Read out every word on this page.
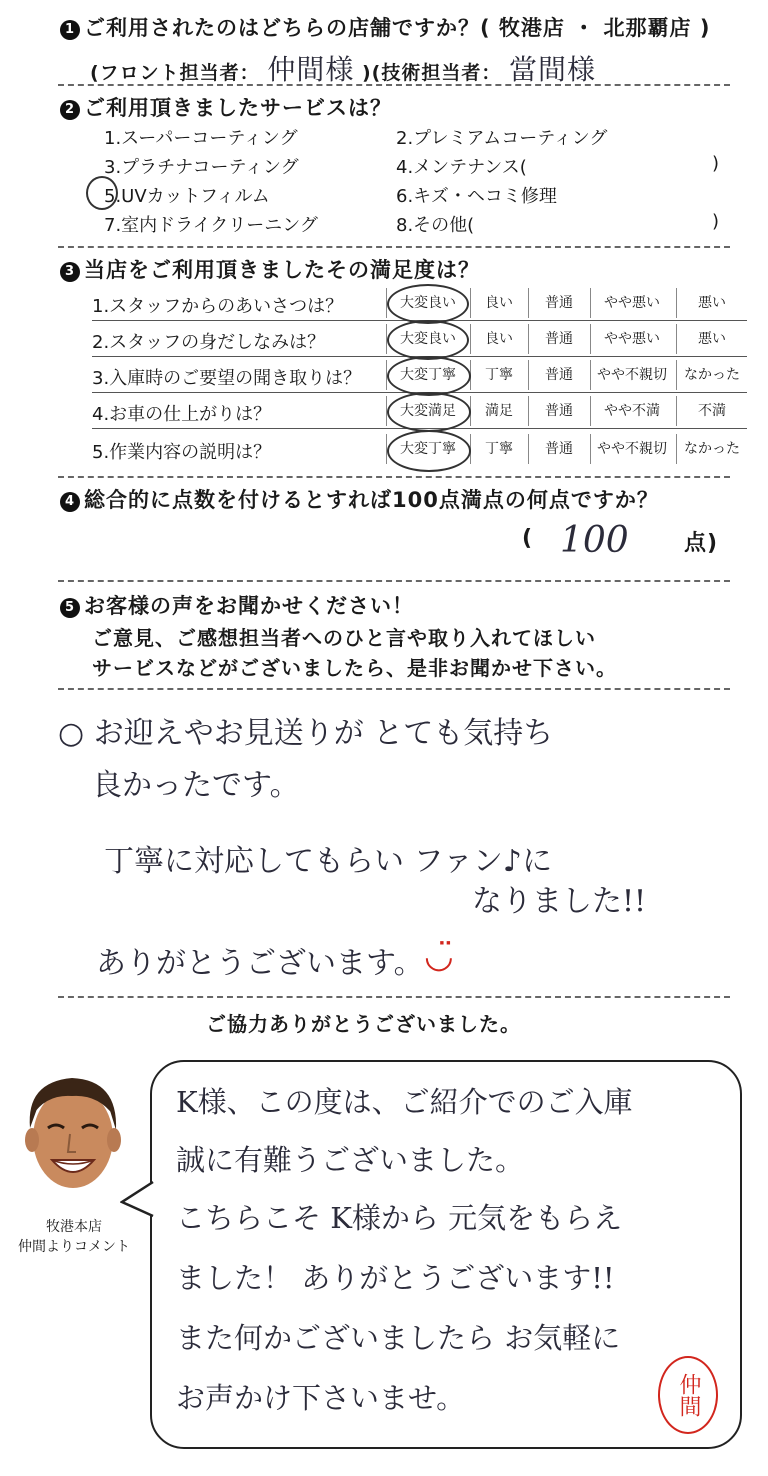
1 ご利用されたのはどちらの店舗ですか？( 牧港店 ・ 北那覇店 )
(フロント担当者： 仲間様 )(技術担当者： 當間様
2 ご利用頂きましたサービスは？
1.スーパーコーティング	2.プレミアムコーティング
3.プラチナコーティング	4.メンテナンス(	)
5.UVカットフィルム	6.キズ・ヘコミ修理
7.室内ドライクリーニング	8.その他(	)
3 当店をご利用頂きましたその満足度は？
1.スタッフからのあいさつは？	大変良い	良い	普通	やや悪い	悪い
2.スタッフの身だしなみは？	大変良い	良い	普通	やや悪い	悪い
3.入庫時のご要望の聞き取りは？	大変丁寧	丁寧	普通	やや不親切	なかった
4.お車の仕上がりは？	大変満足	満足	普通	やや不満	不満
5.作業内容の説明は？	大変丁寧	丁寧	普通	やや不親切	なかった
4 総合的に点数を付けるとすれば100点満点の何点ですか？
( 100	点)
5 お客様の声をお聞かせください！
ご意見、ご感想担当者へのひと言や取り入れてほしい
サービスなどがございましたら、是非お聞かせ下さい。
○ お迎えやお見送りが とても気持ち
良かったです。
丁寧に対応してもらい ファン♪に
なりました!!
ありがとうございます。 ◡̈
ご協力ありがとうございました。
牧港本店
仲間よりコメント
K様、この度は、ご紹介でのご入庫
誠に有難うございました。
こちらこそ K様から 元気をもらえ
ました！ ありがとうございます!!
また何かございましたら お気軽に
お声かけ下さいませ。	仲間
